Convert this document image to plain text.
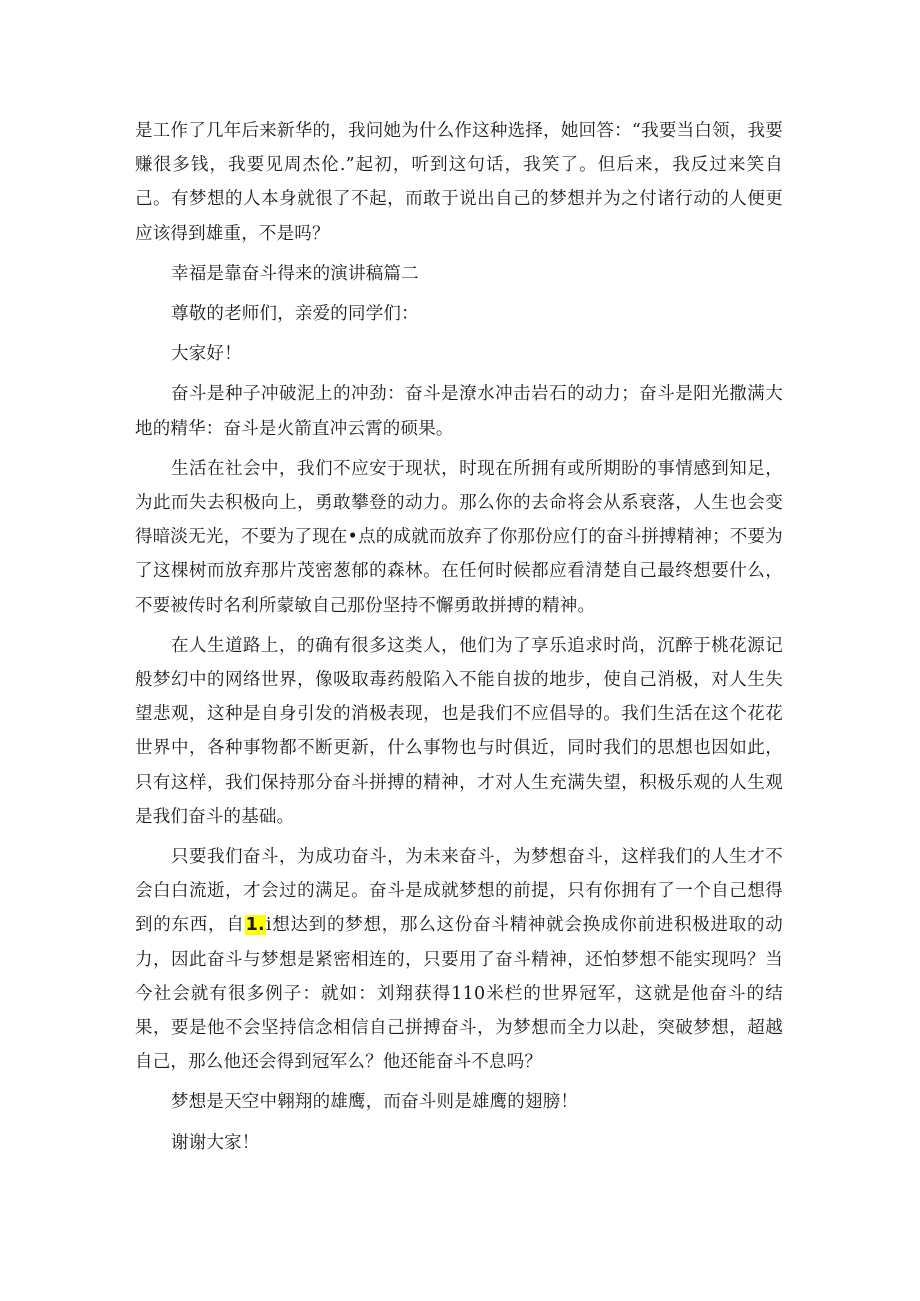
是工作了几年后来新华的，我问她为什么作这种选择，她回答：“我要当白领，我要赚很多钱，我要见周杰伦.”起初，听到这句话，我笑了。但后来，我反过来笑自己。有梦想的人本身就很了不起，而敢于说出自己的梦想并为之付诸行动的人便更应该得到雄重，不是吗？

幸福是靠奋斗得来的演讲稿篇二

尊敬的老师们，亲爱的同学们：

大家好！

奋斗是种子冲破泥上的冲劲：奋斗是潦水冲击岩石的动力；奋斗是阳光撒满大地的精华：奋斗是火箭直冲云霄的硕果。

生活在社会中，我们不应安于现状，时现在所拥有或所期盼的事情感到知足，为此而失去积极向上，勇敢攀登的动力。那么你的去命将会从系衰落，人生也会变得暗淡无光，不要为了现在•点的成就而放弃了你那份应仃的奋斗拼搏精神；不要为了这棵树而放弃那片茂密葱郁的森林。在任何时候都应看清楚自己最终想要什么，不要被传时名利所蒙敏自己那份坚持不懈勇敢拼搏的精神。

在人生道路上，的确有很多这类人，他们为了享乐追求时尚，沉醉于桃花源记般梦幻中的网络世界，像吸取毒药般陷入不能自拔的地步，使自己消极，对人生失望悲观，这种是自身引发的消极表现，也是我们不应倡导的。我们生活在这个花花世界中，各种事物都不断更新，什么事物也与时俱近，同时我们的思想也因如此，只有这样，我们保持那分奋斗拼搏的精神，才对人生充满失望，积极乐观的人生观是我们奋斗的基础。

只要我们奋斗，为成功奋斗，为未来奋斗，为梦想奋斗，这样我们的人生才不会白白流逝，才会过的满足。奋斗是成就梦想的前提，只有你拥有了一个自己想得到的东西，自1.i想达到的梦想，那么这份奋斗精神就会换成你前进积极进取的动力，因此奋斗与梦想是紧密相连的，只要用了奋斗精神，还怕梦想不能实现吗？当今社会就有很多例子：就如：刘翔获得110米栏的世界冠军，这就是他奋斗的结果，要是他不会坚持信念相信自己拼搏奋斗，为梦想而全力以赴，突破梦想，超越自己，那么他还会得到冠军么？他还能奋斗不息吗？

梦想是天空中翱翔的雄鹰，而奋斗则是雄鹰的翅膀！

谢谢大家！
